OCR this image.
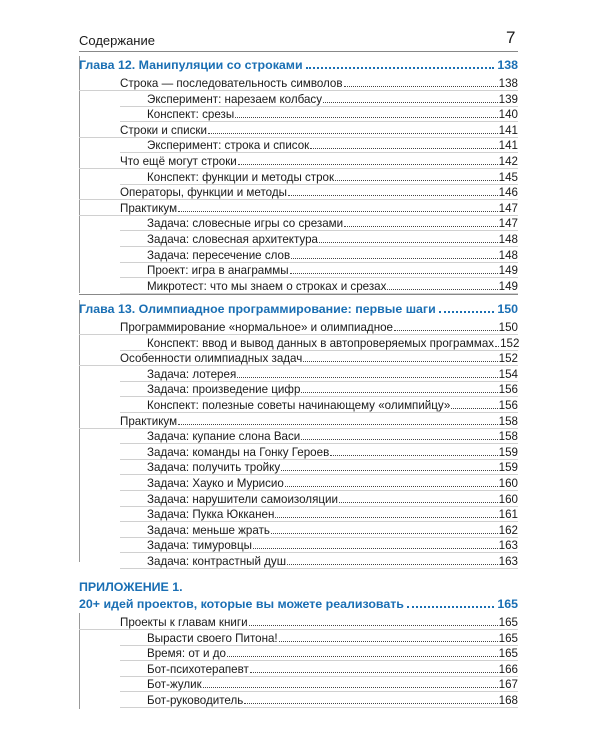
Содержание	7
Глава 12. Манипуляции со строками	138
Строка — последовательность символов	138
Эксперимент: нарезаем колбасу	139
Конспект: срезы	140
Строки и списки	141
Эксперимент: строка и список	141
Что ещё могут строки	142
Конспект: функции и методы строк	145
Операторы, функции и методы	146
Практикум	147
Задача: словесные игры со срезами	147
Задача: словесная архитектура	148
Задача: пересечение слов	148
Проект: игра в анаграммы	149
Микротест: что мы знаем о строках и срезах	149
Глава 13. Олимпиадное программирование: первые шаги	150
Программирование «нормальное» и олимпиадное	150
Конспект: ввод и вывод данных в автопроверяемых программах 152
Особенности олимпиадных задач	152
Задача: лотерея	154
Задача: произведение цифр	156
Конспект: полезные советы начинающему «олимпийцу»	156
Практикум	158
Задача: купание слона Васи	158
Задача: команды на Гонку Героев	159
Задача: получить тройку	159
Задача: Хауко и Мурисио	160
Задача: нарушители самоизоляции	160
Задача: Пукка Юкканен	161
Задача: меньше жрать	162
Задача: тимуровцы	163
Задача: контрастный душ	163
ПРИЛОЖЕНИЕ 1.
20+ идей проектов, которые вы можете реализовать	165
Проекты к главам книги	165
Вырасти своего Питона!	165
Время: от и до	165
Бот-психотерапевт	166
Бот-жулик	167
Бот-руководитель	168
